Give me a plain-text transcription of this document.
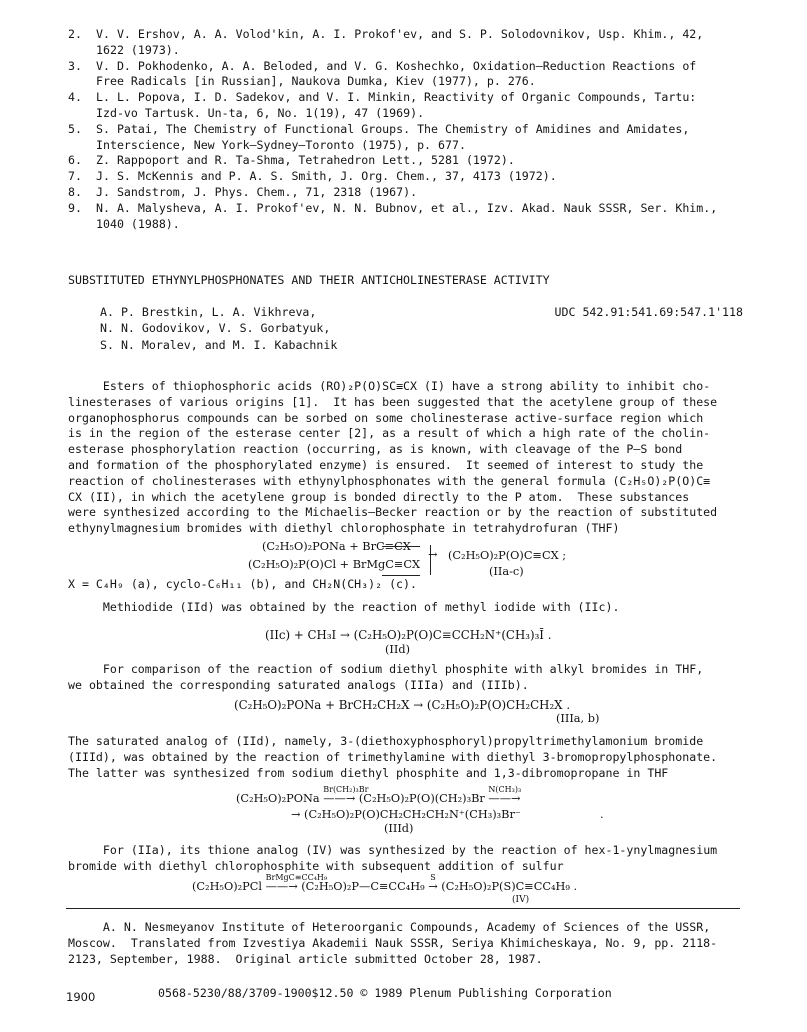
2.	V. V. Ershov, A. A. Volod'kin, A. I. Prokof'ev, and S. P. Solodovnikov, Usp. Khim., 42,
1622 (1973).
3.	V. D. Pokhodenko, A. A. Beloded, and V. G. Koshechko, Oxidation—Reduction Reactions of
Free Radicals [in Russian], Naukova Dumka, Kiev (1977), p. 276.
4.	L. L. Popova, I. D. Sadekov, and V. I. Minkin, Reactivity of Organic Compounds, Tartu:
Izd-vo Tartusk. Un-ta, 6, No. 1(19), 47 (1969).
5.	S. Patai, The Chemistry of Functional Groups. The Chemistry of Amidines and Amidates,
Interscience, New York—Sydney—Toronto (1975), p. 677.
6.	Z. Rappoport and R. Ta-Shma, Tetrahedron Lett., 5281 (1972).
7.	J. S. McKennis and P. A. S. Smith, J. Org. Chem., 37, 4173 (1972).
8.	J. Sandstrom, J. Phys. Chem., 71, 2318 (1967).
9.	N. A. Malysheva, A. I. Prokof'ev, N. N. Bubnov, et al., Izv. Akad. Nauk SSSR, Ser. Khim.,
1040 (1988).
SUBSTITUTED ETHYNYLPHOSPHONATES AND THEIR ANTICHOLINESTERASE ACTIVITY
A. P. Brestkin, L. A. Vikhreva,
N. N. Godovikov, V. S. Gorbatyuk,
S. N. Moralev, and M. I. Kabachnik
UDC 542.91:541.69:547.1'118
Esters of thiophosphoric acids (RO)₂P(O)SC≡CX (I) have a strong ability to inhibit cho-
linesterases of various origins [1].  It has been suggested that the acetylene group of these
organophosphorus compounds can be sorbed on some cholinesterase active-surface region which
is in the region of the esterase center [2], as a result of which a high rate of the cholin-
esterase phosphorylation reaction (occurring, as is known, with cleavage of the P—S bond
and formation of the phosphorylated enzyme) is ensured.  It seemed of interest to study the
reaction of cholinesterases with ethynylphosphonates with the general formula (C₂H₅O)₂P(O)C≡
CX (II), in which the acetylene group is bonded directly to the P atom.  These substances
were synthesized according to the Michaelis—Becker reaction or by the reaction of substituted
ethynylmagnesium bromides with diethyl chlorophosphate in tetrahydrofuran (THF)
(C₂H₅O)₂PONa + BrC≡CX
(C₂H₅O)₂P(O)Cl + BrMgC≡CX
→ (C₂H₅O)₂P(O)C≡CX ;
(IIa-c)
X = C₄H₉ (a), cyclo-C₆H₁₁ (b), and CH₂N(CH₃)₂ (c).
Methiodide (IId) was obtained by the reaction of methyl iodide with (IIc).
(IIc) + CH₃I → (C₂H₅O)₂P(O)C≡CCH₂N⁺(CH₃)₃Ī .
(IId)
For comparison of the reaction of sodium diethyl phosphite with alkyl bromides in THF,
we obtained the corresponding saturated analogs (IIIa) and (IIIb).
(C₂H₅O)₂PONa + BrCH₂CH₂X → (C₂H₅O)₂P(O)CH₂CH₂X .
(IIIa, b)
The saturated analog of (IId), namely, 3-(diethoxyphosphoryl)propyltrimethylamonium bromide
(IIId), was obtained by the reaction of trimethylamine with diethyl 3-bromopropylphosphonate.
The latter was synthesized from sodium diethyl phosphite and 1,3-dibromopropane in THF
(C₂H₅O)₂PONa
Br(CH₂)₃Br
——→ (C₂H₅O)₂P(O)(CH₂)₃Br
N(CH₃)₃
——→
→ (C₂H₅O)₂P(O)CH₂CH₂CH₂N⁺(CH₃)₃Br⁻	.
(IIId)
For (IIa), its thione analog (IV) was synthesized by the reaction of hex-1-ynylmagnesium
bromide with diethyl chlorophosphite with subsequent addition of sulfur
(C₂H₅O)₂PCl
BrMgC≡CC₄H₉
——→ (C₂H₅O)₂P—C≡CC₄H₉
S
→ (C₂H₅O)₂P(S)C≡CC₄H₉ .
(IV)
A. N. Nesmeyanov Institute of Heteroorganic Compounds, Academy of Sciences of the USSR,
Moscow.  Translated from Izvestiya Akademii Nauk SSSR, Seriya Khimicheskaya, No. 9, pp. 2118-
2123, September, 1988.  Original article submitted October 28, 1987.
1900	0568-5230/88/3709-1900$12.50 © 1989 Plenum Publishing Corporation
